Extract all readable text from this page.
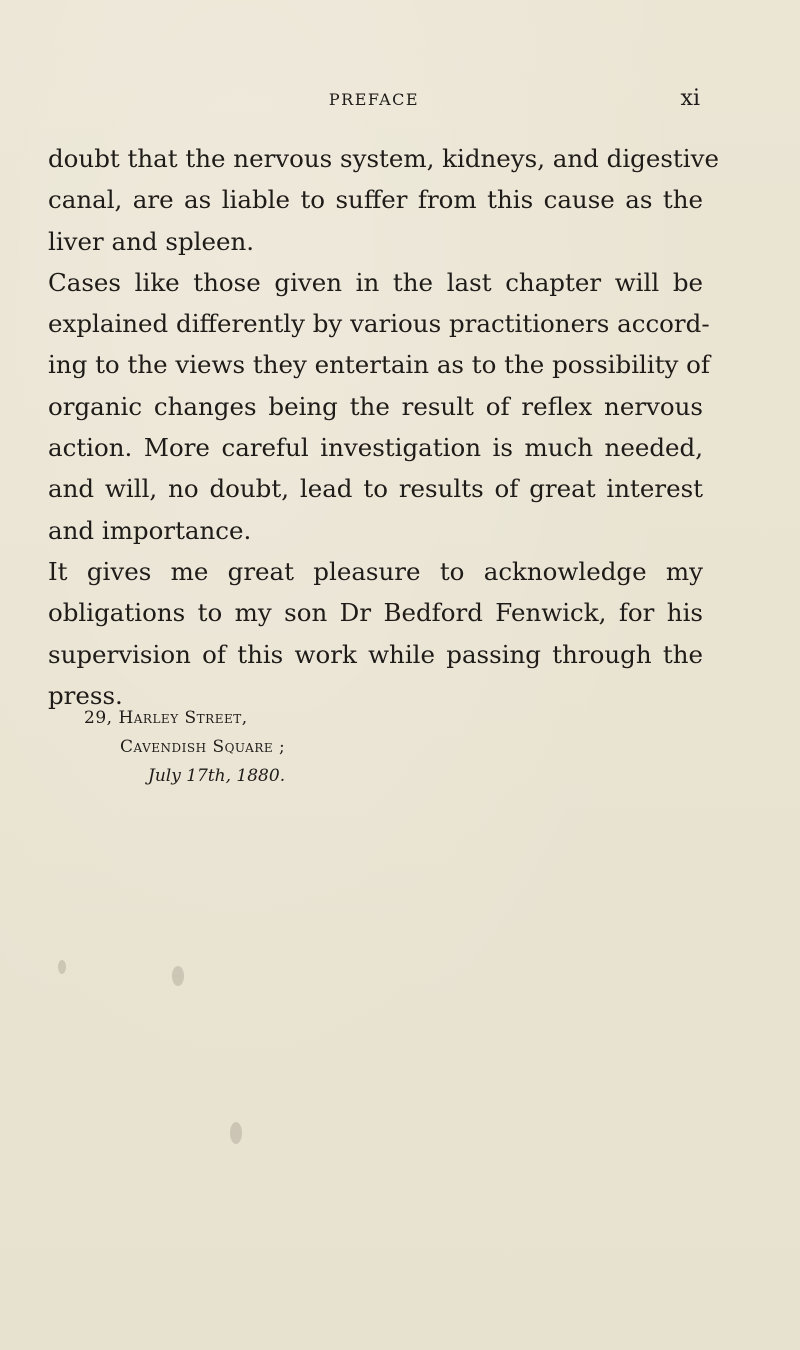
PREFACE	xi
doubt that the nervous system, kidneys, and digestive
canal, are as liable to suffer from this cause as the
liver and spleen.
Cases like those given in the last chapter will be
explained differently by various practitioners accord-
ing to the views they entertain as to the possibility of
organic changes being the result of reflex nervous
action. More careful investigation is much needed,
and will, no doubt, lead to results of great interest
and importance.
It gives me great pleasure to acknowledge my
obligations to my son Dr Bedford Fenwick, for his
supervision of this work while passing through the
press.
29, Harley Street,
Cavendish Square ;
July 17th, 1880.
